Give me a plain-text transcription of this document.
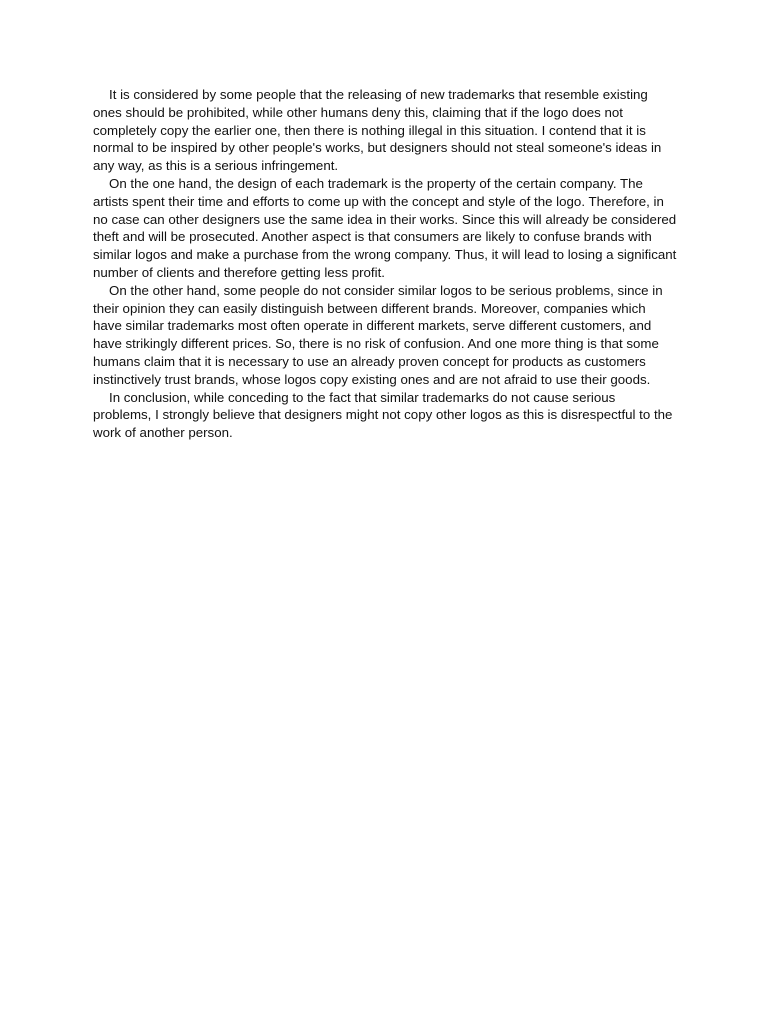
It is considered by some people that the releasing of new trademarks that resemble existing ones should be prohibited, while other humans deny this, claiming that if the logo does not completely copy the earlier one, then there is nothing illegal in this situation. I contend that it is normal to be inspired by other people's works, but designers should not steal someone's ideas in any way, as this is a serious infringement.

On the one hand, the design of each trademark is the property of the certain company. The artists spent their time and efforts to come up with the concept and style of the logo. Therefore, in no case can other designers use the same idea in their works. Since this will already be considered theft and will be prosecuted. Another aspect is that consumers are likely to confuse brands with similar logos and make a purchase from the wrong company. Thus, it will lead to losing a significant number of clients and therefore getting less profit.

On the other hand, some people do not consider similar logos to be serious problems, since in their opinion they can easily distinguish between different brands. Moreover, companies which have similar trademarks most often operate in different markets, serve different customers, and have strikingly different prices. So, there is no risk of confusion. And one more thing is that some humans claim that it is necessary to use an already proven concept for products as customers instinctively trust brands, whose logos copy existing ones and are not afraid to use their goods.

In conclusion, while conceding to the fact that similar trademarks do not cause serious problems, I strongly believe that designers might not copy other logos as this is disrespectful to the work of another person.
